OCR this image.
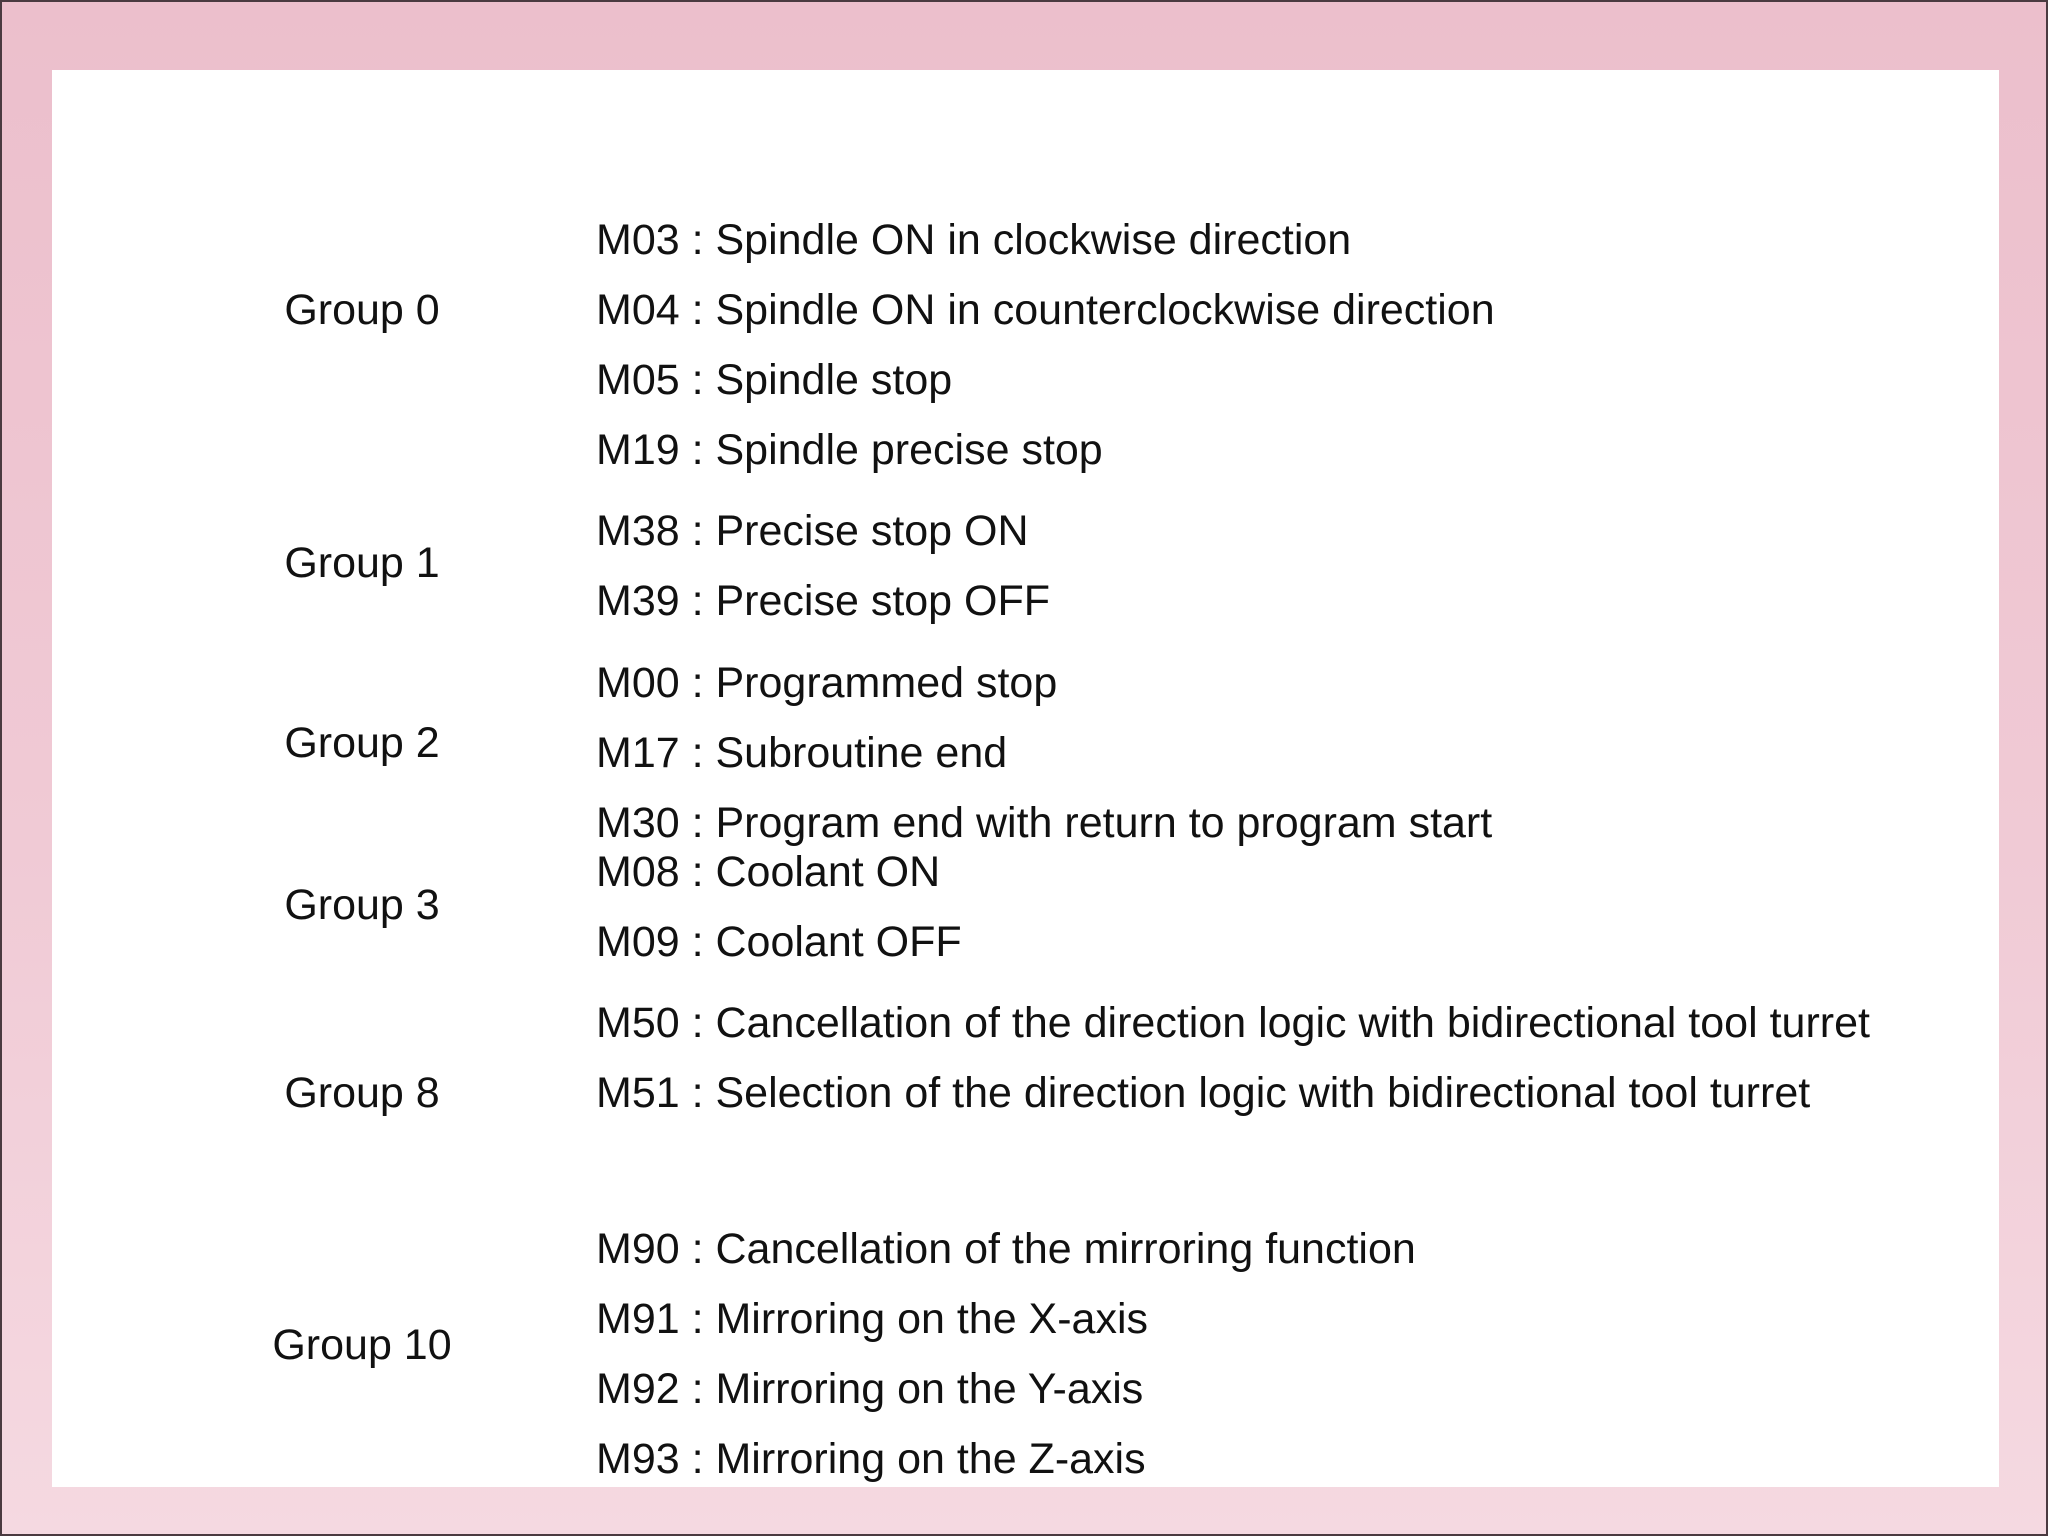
Group 0
M03 : Spindle ON in clockwise direction
M04 : Spindle ON in counterclockwise direction
M05 : Spindle stop
M19 : Spindle precise stop
Group 1
M38 : Precise stop ON
M39 : Precise stop OFF
Group 2
M00 : Programmed stop
M17 : Subroutine end
M30 : Program end with return to program start
Group 3
M08 : Coolant ON
M09 : Coolant OFF
Group 8
M50 : Cancellation of the direction logic with bidirectional tool turret
M51 : Selection of the direction logic with bidirectional tool turret
Group 10
M90 : Cancellation of the mirroring function
M91 : Mirroring on the X-axis
M92 : Mirroring on the Y-axis
M93 : Mirroring on the Z-axis
